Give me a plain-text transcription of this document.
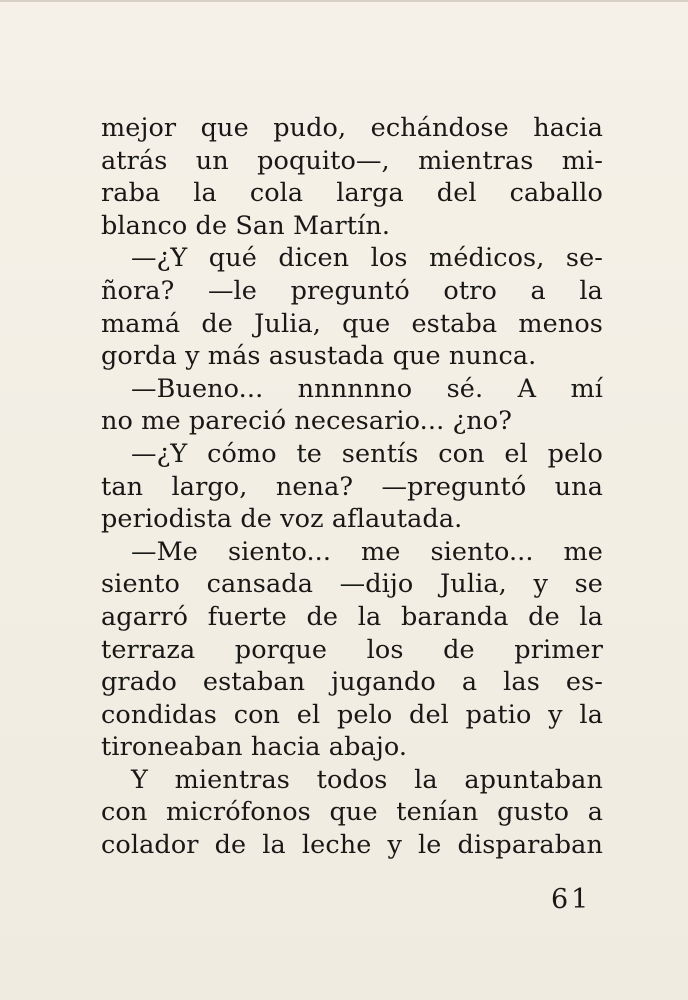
mejor que pudo, echándose hacia
atrás un poquito—, mientras mi-
raba la cola larga del caballo
blanco de San Martín.
—¿Y qué dicen los médicos, se-
ñora? —le preguntó otro a la
mamá de Julia, que estaba menos
gorda y más asustada que nunca.
—Bueno... nnnnnno sé. A mí
no me pareció necesario... ¿no?
—¿Y cómo te sentís con el pelo
tan largo, nena? —preguntó una
periodista de voz aflautada.
—Me siento... me siento... me
siento cansada —dijo Julia, y se
agarró fuerte de la baranda de la
terraza porque los de primer
grado estaban jugando a las es-
condidas con el pelo del patio y la
tironeaban hacia abajo.
Y mientras todos la apuntaban
con micrófonos que tenían gusto a
colador de la leche y le disparaban
61
